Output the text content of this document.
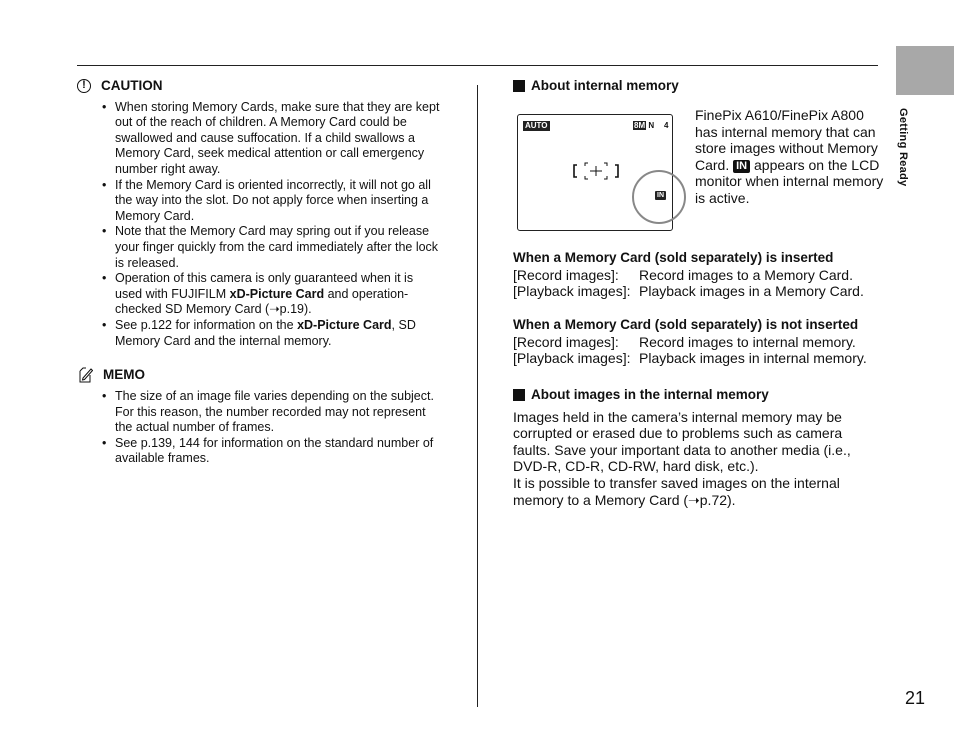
Getting Ready
21
!	CAUTION
• When storing Memory Cards, make sure that they are kept out of the reach of children. A Memory Card could be swallowed and cause suffocation. If a child swallows a Memory Card, seek medical attention or call emergency number right away.
• If the Memory Card is oriented incorrectly, it will not go all the way into the slot. Do not apply force when inserting a Memory Card.
• Note that the Memory Card may spring out if you release your finger quickly from the card immediately after the lock is released.
• Operation of this camera is only guaranteed when it is used with FUJIFILM xD-Picture Card and operation-checked SD Memory Card (➝p.19).
• See p.122 for information on the xD-Picture Card, SD Memory Card and the internal memory.
MEMO
• The size of an image file varies depending on the subject. For this reason, the number recorded may not represent the actual number of frames.
• See p.139, 144 for information on the standard number of available frames.
About internal memory
AUTO	8M N 4
IN
FinePix A610/FinePix A800 has internal memory that can store images without Memory Card. IN appears on the LCD monitor when internal memory is active.
When a Memory Card (sold separately) is inserted
[Record images]:	Record images to a Memory Card.
[Playback images]: Playback images in a Memory Card.
When a Memory Card (sold separately) is not inserted
[Record images]:	Record images to internal memory.
[Playback images]: Playback images in internal memory.
About images in the internal memory
Images held in the camera’s internal memory may be corrupted or erased due to problems such as camera faults. Save your important data to another media (i.e., DVD-R, CD-R, CD-RW, hard disk, etc.).
It is possible to transfer saved images on the internal memory to a Memory Card (➝p.72).
